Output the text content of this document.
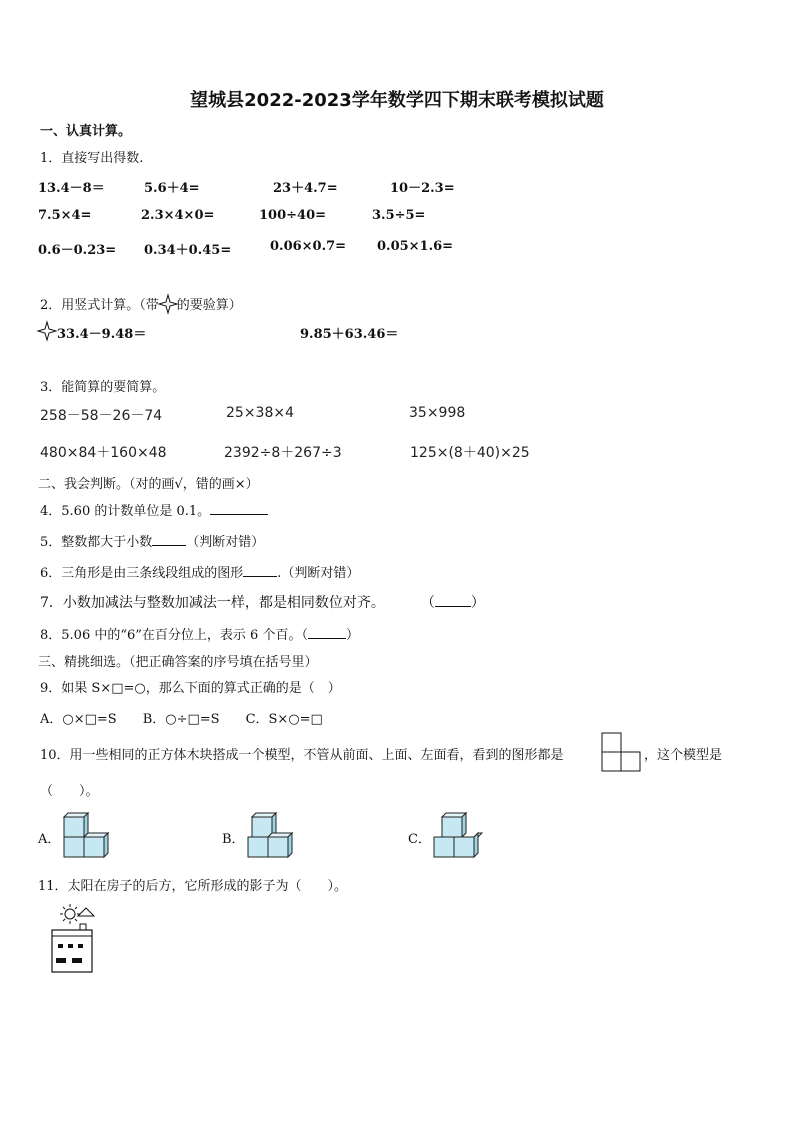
望城县2022-2023学年数学四下期末联考模拟试题
一、认真计算。
1．直接写出得数.
13.4－8＝	5.6＋4=	23＋4.7=	10－2.3=
7.5×4=	2.3×4×0=	100÷40=	3.5÷5=
0.6－0.23= 0.34＋0.45=	0.06×0.7= 0.05×1.6=
2．用竖式计算。（带 的要验算）
33.4－9.48＝	9.85＋63.46＝
3．能简算的要简算。
258－58－26－74	25×38×4	35×998
480×84＋160×48	2392÷8＋267÷3	125×(8＋40)×25
二、我会判断。（对的画√，错的画×）
4．5.60 的计数单位是 0.1。
5．整数都大于小数	（判断对错）
6．三角形是由三条线段组成的图形	.（判断对错）
7．小数加减法与整数加减法一样，都是相同数位对齐。	（	）
8．5.06 中的“6”在百分位上，表示 6 个百。（	）
三、精挑细选。（把正确答案的序号填在括号里）
9．如果 S×□=○，那么下面的算式正确的是（　）
A．○×□=S　　B．○÷□=S　　C．S×○=□
10．用一些相同的正方体木块搭成一个模型，不管从前面、上面、左面看，看到的图形都是	，这个模型是
（　　）。
A．	B．	C．
11．太阳在房子的后方，它所形成的影子为（　　）。
